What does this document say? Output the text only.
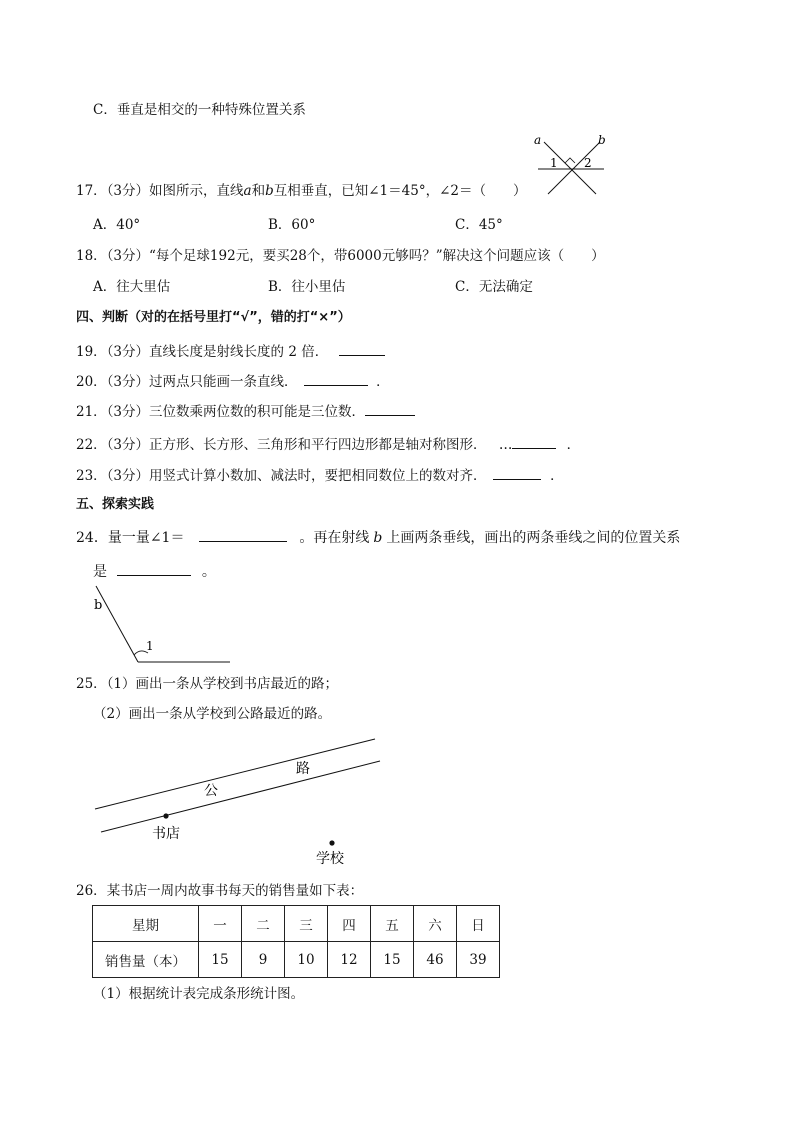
C．垂直是相交的一种特殊位置关系
a	b
1 2
17．（3分）如图所示，直线a和b互相垂直，已知∠1＝45°，∠2＝（　　）
A．40°	B．60°	C．45°
18．（3分）“每个足球192元，要买28个，带6000元够吗？”解决这个问题应该（　　）
A．往大里估	B．往小里估	C．无法确定
四、判断（对的在括号里打“√”，错的打“×”）
19．（3分）直线长度是射线长度的 2 倍．
20．（3分）过两点只能画一条直线．	．
21．（3分）三位数乘两位数的积可能是三位数．
22．（3分）正方形、长方形、三角形和平行四边形都是轴对称图形． …	．
23．（3分）用竖式计算小数加、减法时，要把相同数位上的数对齐．	．
五、探索实践
24．量一量∠1＝	。再在射线 b 上画两条垂线，画出的两条垂线之间的位置关系
是	。
b
1
25．（1）画出一条从学校到书店最近的路；
（2）画出一条从学校到公路最近的路。
公
路
书店
学校
26．某书店一周内故事书每天的销售量如下表：
星期	一	二	三	四	五	六	日
销售量（本）	15	9	10	12	15	46	39
（1）根据统计表完成条形统计图。
